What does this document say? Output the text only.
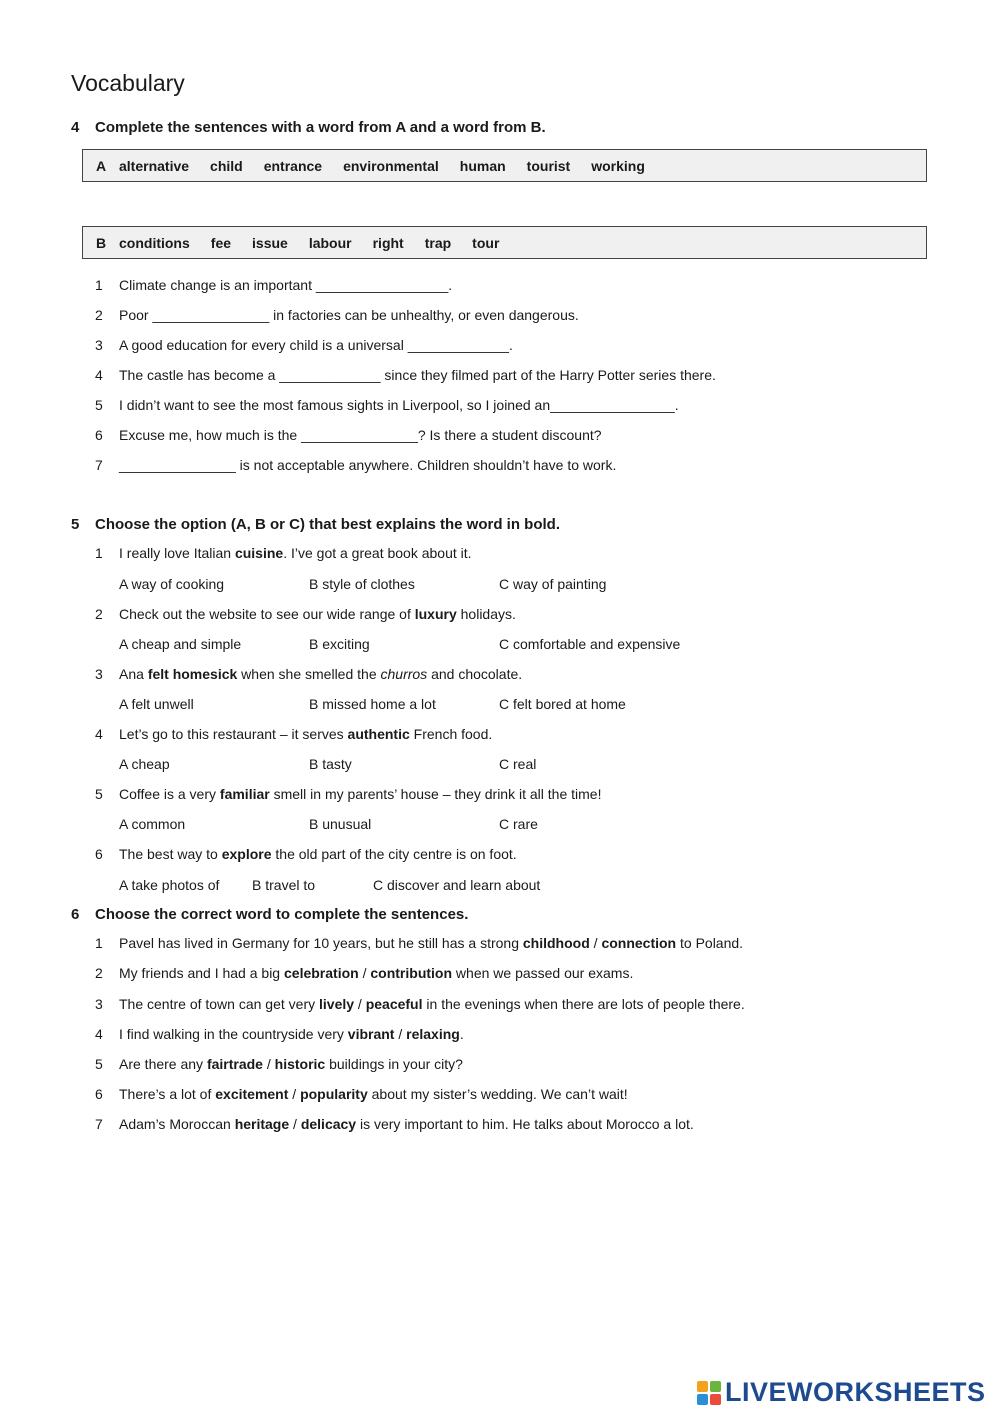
Vocabulary
4 Complete the sentences with a word from A and a word from B.
A alternative child entrance environmental human tourist working
B conditions fee issue labour right trap tour
1 Climate change is an important _________________.
2 Poor _______________ in factories can be unhealthy, or even dangerous.
3 A good education for every child is a universal _____________.
4 The castle has become a _____________ since they filmed part of the Harry Potter series there.
5 I didn’t want to see the most famous sights in Liverpool, so I joined an________________.
6 Excuse me, how much is the _______________? Is there a student discount?
7 _______________ is not acceptable anywhere. Children shouldn’t have to work.
5 Choose the option (A, B or C) that best explains the word in bold.
1 I really love Italian cuisine. I’ve got a great book about it.
A way of cooking	B style of clothes	C way of painting
2 Check out the website to see our wide range of luxury holidays.
A cheap and simple	B exciting	C comfortable and expensive
3 Ana felt homesick when she smelled the churros and chocolate.
A felt unwell	B missed home a lot	C felt bored at home
4 Let’s go to this restaurant – it serves authentic French food.
A cheap	B tasty	C real
5 Coffee is a very familiar smell in my parents’ house – they drink it all the time!
A common	B unusual	C rare
6 The best way to explore the old part of the city centre is on foot.
A take photos of B travel to	C discover and learn about
6 Choose the correct word to complete the sentences.
1 Pavel has lived in Germany for 10 years, but he still has a strong childhood / connection to Poland.
2 My friends and I had a big celebration / contribution when we passed our exams.
3 The centre of town can get very lively / peaceful in the evenings when there are lots of people there.
4 I find walking in the countryside very vibrant / relaxing.
5 Are there any fairtrade / historic buildings in your city?
6 There’s a lot of excitement / popularity about my sister’s wedding. We can’t wait!
7 Adam’s Moroccan heritage / delicacy is very important to him. He talks about Morocco a lot.
LIVEWORKSHEETS
